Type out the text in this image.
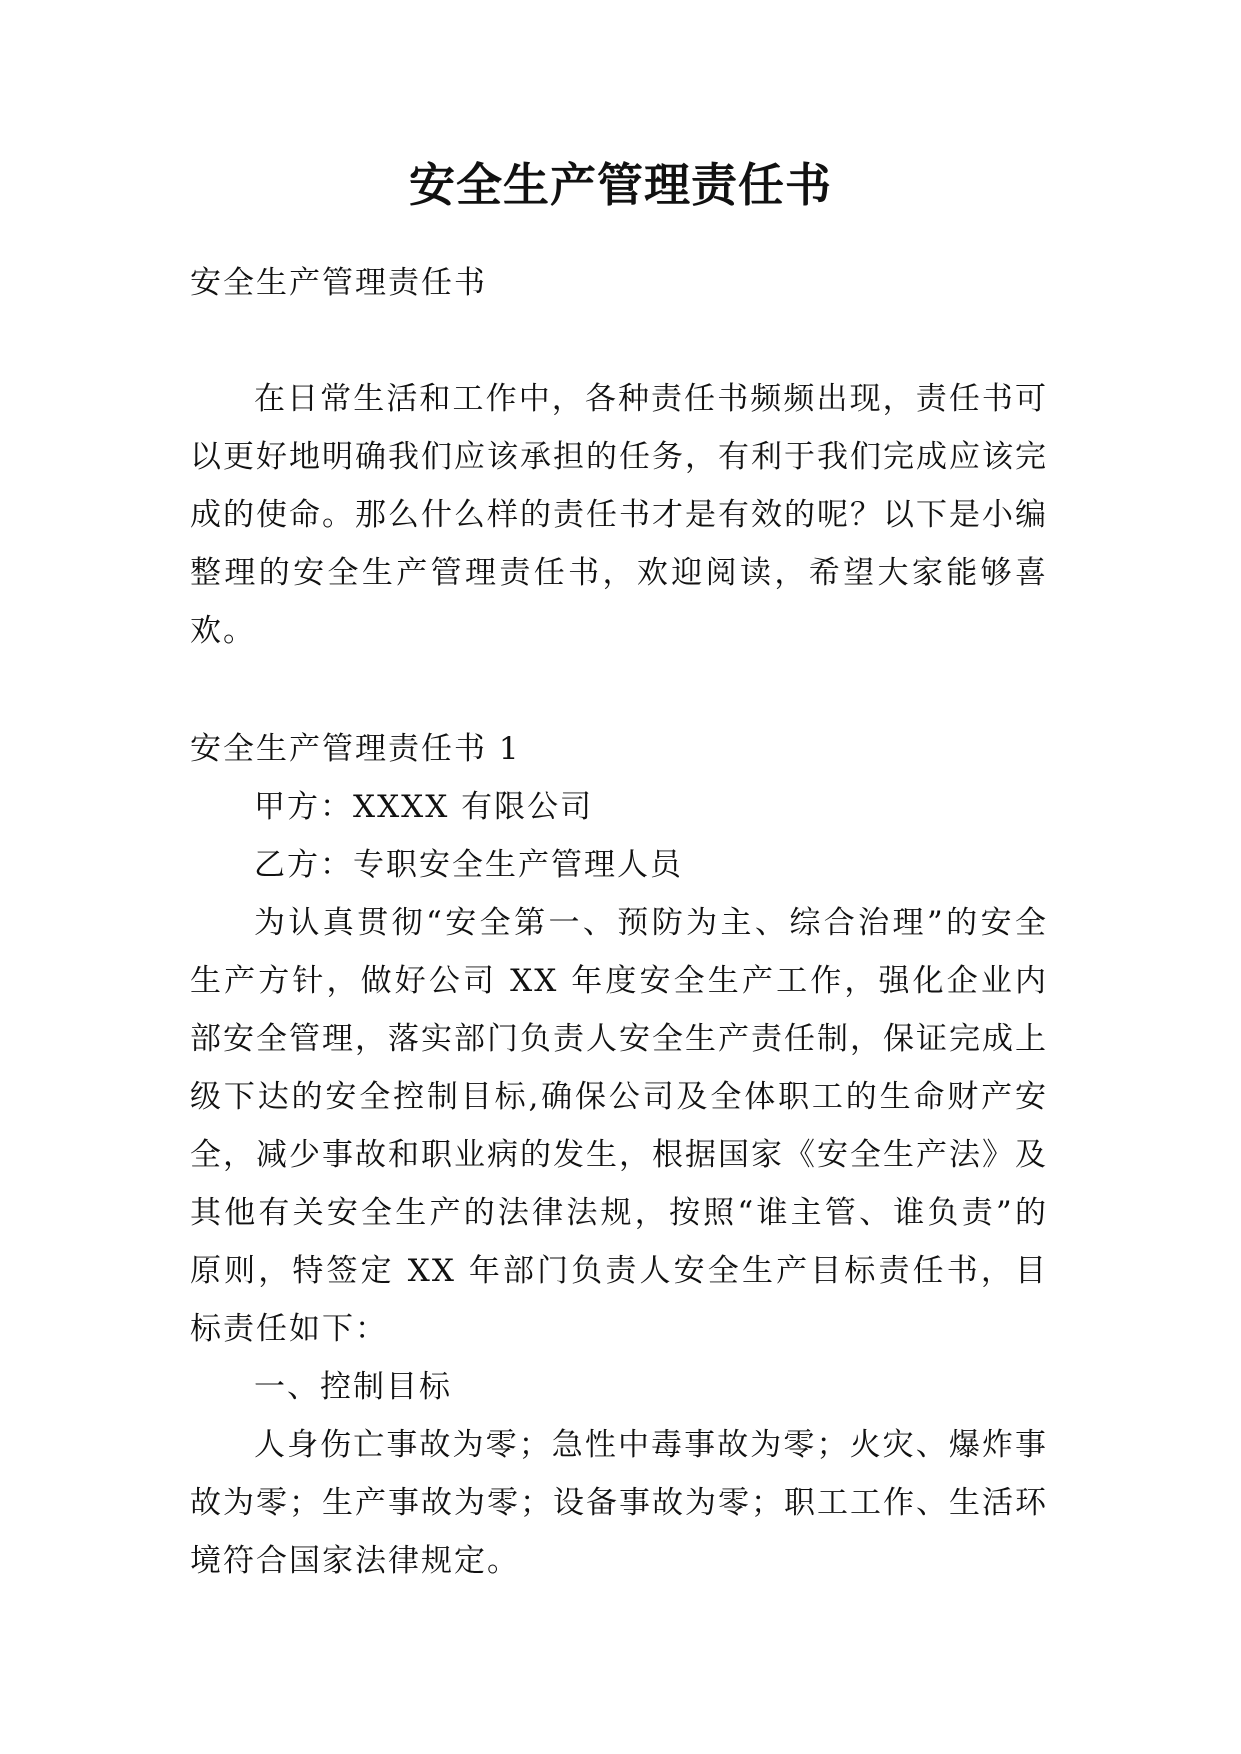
安全生产管理责任书

安全生产管理责任书

在日常生活和工作中，各种责任书频频出现，责任书可以更好地明确我们应该承担的任务，有利于我们完成应该完成的使命。那么什么样的责任书才是有效的呢？以下是小编整理的安全生产管理责任书，欢迎阅读，希望大家能够喜欢。

安全生产管理责任书 1

甲方：XXXX 有限公司

乙方：专职安全生产管理人员

为认真贯彻“安全第一、预防为主、综合治理”的安全生产方针，做好公司 XX 年度安全生产工作，强化企业内部安全管理，落实部门负责人安全生产责任制，保证完成上级下达的安全控制目标,确保公司及全体职工的生命财产安全，减少事故和职业病的发生，根据国家《安全生产法》及其他有关安全生产的法律法规，按照“谁主管、谁负责”的原则，特签定 XX 年部门负责人安全生产目标责任书，目标责任如下：

一、控制目标

人身伤亡事故为零；急性中毒事故为零；火灾、爆炸事故为零；生产事故为零；设备事故为零；职工工作、生活环境符合国家法律规定。
